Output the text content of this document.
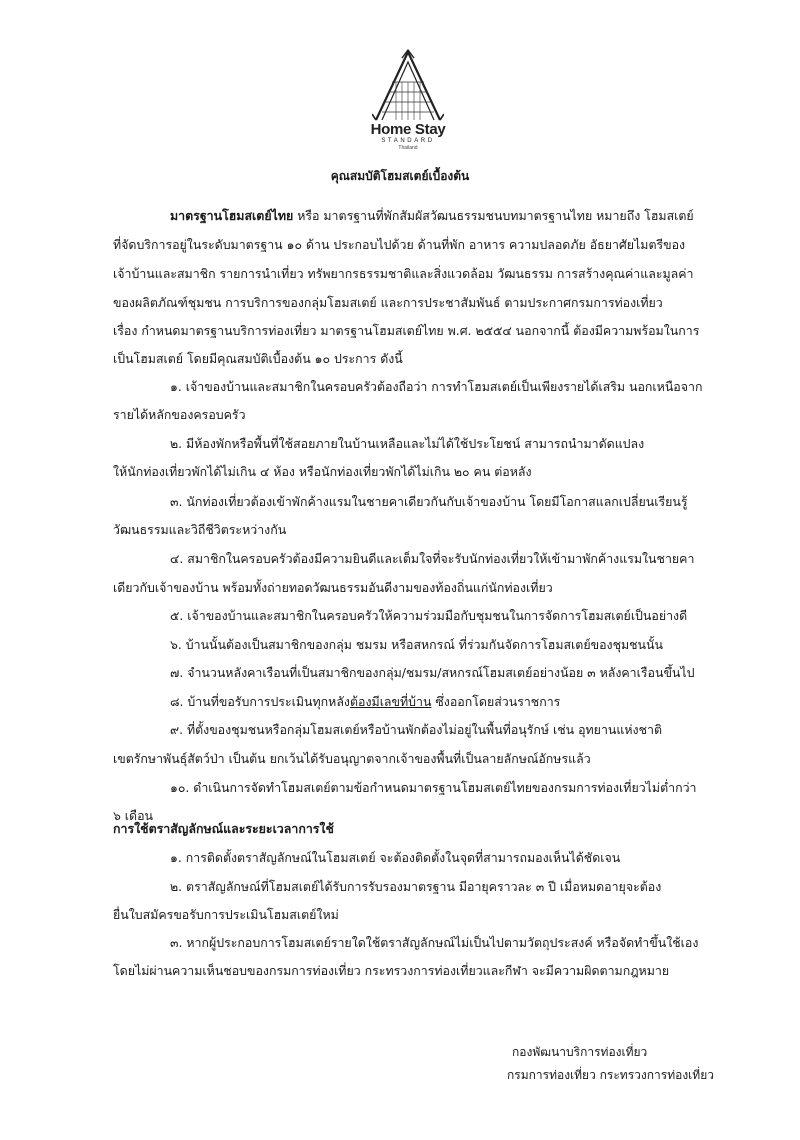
Home Stay
STANDARD
Thailand
คุณสมบัติโฮมสเตย์เบื้องต้น
มาตรฐานโฮมสเตย์ไทย หรือ มาตรฐานที่พักสัมผัสวัฒนธรรมชนบทมาตรฐานไทย หมายถึง โฮมสเตย์
ที่จัดบริการอยู่ในระดับมาตรฐาน ๑๐ ด้าน ประกอบไปด้วย ด้านที่พัก อาหาร ความปลอดภัย อัธยาศัยไมตรีของ
เจ้าบ้านและสมาชิก รายการนำเที่ยว ทรัพยากรธรรมชาติและสิ่งแวดล้อม วัฒนธรรม การสร้างคุณค่าและมูลค่า
ของผลิตภัณฑ์ชุมชน การบริการของกลุ่มโฮมสเตย์ และการประชาสัมพันธ์ ตามประกาศกรมการท่องเที่ยว
เรื่อง กำหนดมาตรฐานบริการท่องเที่ยว มาตรฐานโฮมสเตย์ไทย พ.ศ. ๒๕๕๔ นอกจากนี้ ต้องมีความพร้อมในการ
เป็นโฮมสเตย์ โดยมีคุณสมบัติเบื้องต้น ๑๐ ประการ ดังนี้
๑. เจ้าของบ้านและสมาชิกในครอบครัวต้องถือว่า การทำโฮมสเตย์เป็นเพียงรายได้เสริม นอกเหนือจาก
รายได้หลักของครอบครัว
๒. มีห้องพักหรือพื้นที่ใช้สอยภายในบ้านเหลือและไม่ได้ใช้ประโยชน์ สามารถนำมาดัดแปลง
ให้นักท่องเที่ยวพักได้ไม่เกิน ๔ ห้อง หรือนักท่องเที่ยวพักได้ไม่เกิน ๒๐ คน ต่อหลัง
๓. นักท่องเที่ยวต้องเข้าพักค้างแรมในชายคาเดียวกันกับเจ้าของบ้าน โดยมีโอกาสแลกเปลี่ยนเรียนรู้
วัฒนธรรมและวิถีชีวิตระหว่างกัน
๔. สมาชิกในครอบครัวต้องมีความยินดีและเต็มใจที่จะรับนักท่องเที่ยวให้เข้ามาพักค้างแรมในชายคา
เดียวกับเจ้าของบ้าน พร้อมทั้งถ่ายทอดวัฒนธรรมอันดีงามของท้องถิ่นแก่นักท่องเที่ยว
๕. เจ้าของบ้านและสมาชิกในครอบครัวให้ความร่วมมือกับชุมชนในการจัดการโฮมสเตย์เป็นอย่างดี
๖. บ้านนั้นต้องเป็นสมาชิกของกลุ่ม ชมรม หรือสหกรณ์ ที่ร่วมกันจัดการโฮมสเตย์ของชุมชนนั้น
๗. จำนวนหลังคาเรือนที่เป็นสมาชิกของกลุ่ม/ชมรม/สหกรณ์โฮมสเตย์อย่างน้อย ๓ หลังคาเรือนขึ้นไป
๘. บ้านที่ขอรับการประเมินทุกหลังต้องมีเลขที่บ้าน ซึ่งออกโดยส่วนราชการ
๙. ที่ตั้งของชุมชนหรือกลุ่มโฮมสเตย์หรือบ้านพักต้องไม่อยู่ในพื้นที่อนุรักษ์ เช่น อุทยานแห่งชาติ
เขตรักษาพันธุ์สัตว์ป่า เป็นต้น ยกเว้นได้รับอนุญาตจากเจ้าของพื้นที่เป็นลายลักษณ์อักษรแล้ว
๑๐. ดำเนินการจัดทำโฮมสเตย์ตามข้อกำหนดมาตรฐานโฮมสเตย์ไทยของกรมการท่องเที่ยวไม่ต่ำกว่า
๖ เดือน
การใช้ตราสัญลักษณ์และระยะเวลาการใช้
๑. การติดตั้งตราสัญลักษณ์ในโฮมสเตย์ จะต้องติดตั้งในจุดที่สามารถมองเห็นได้ชัดเจน
๒. ตราสัญลักษณ์ที่โฮมสเตย์ได้รับการรับรองมาตรฐาน มีอายุคราวละ ๓ ปี เมื่อหมดอายุจะต้อง
ยื่นใบสมัครขอรับการประเมินโฮมสเตย์ใหม่
๓. หากผู้ประกอบการโฮมสเตย์รายใดใช้ตราสัญลักษณ์ไม่เป็นไปตามวัตถุประสงค์ หรือจัดทำขึ้นใช้เอง
โดยไม่ผ่านความเห็นชอบของกรมการท่องเที่ยว กระทรวงการท่องเที่ยวและกีฬา จะมีความผิดตามกฎหมาย
กองพัฒนาบริการท่องเที่ยว
กรมการท่องเที่ยว กระทรวงการท่องเที่ยว
